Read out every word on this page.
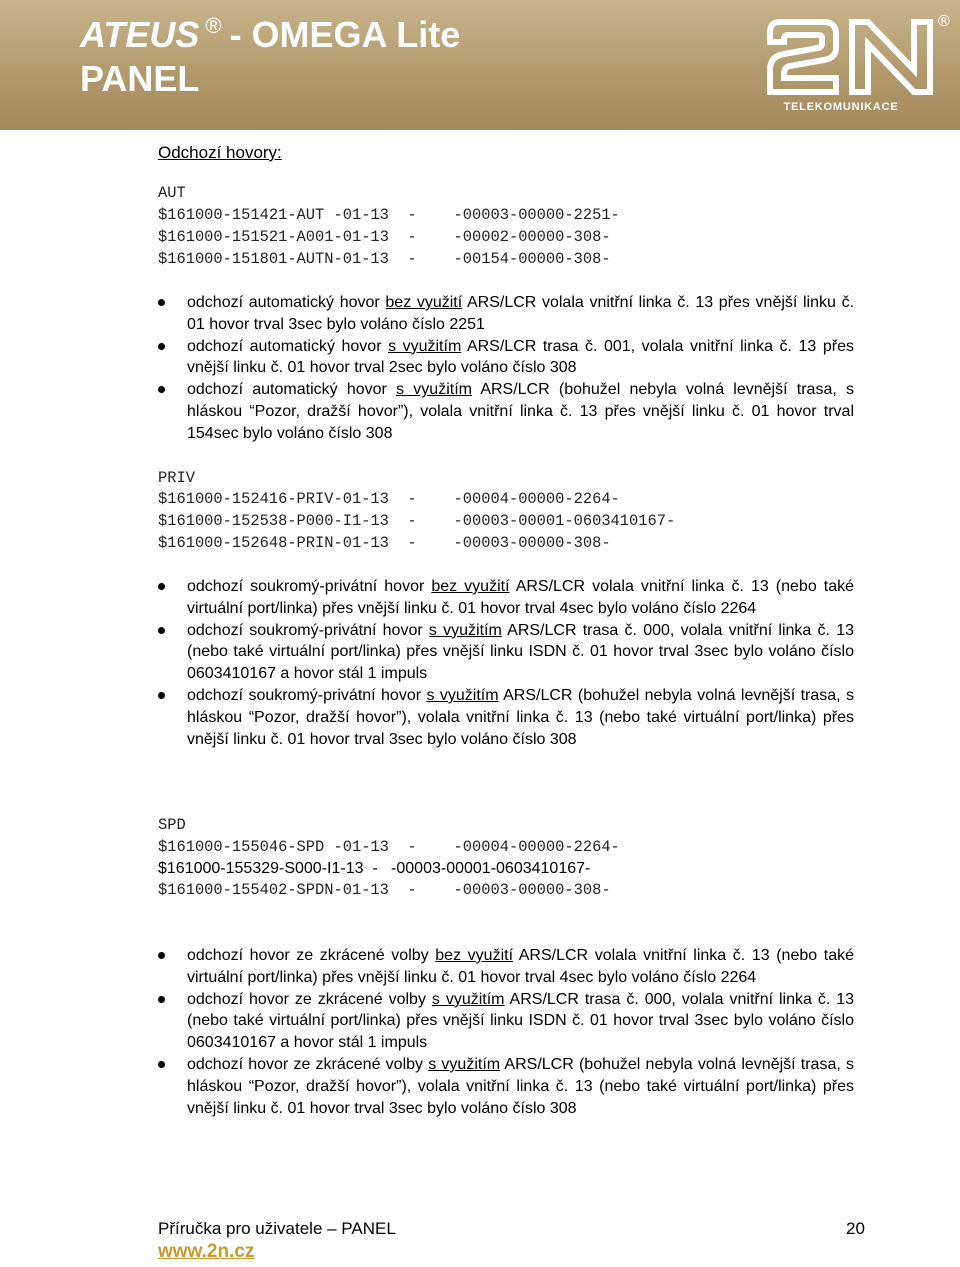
ATEUS ® - OMEGA Lite
PANEL
®
TELEKOMUNIKACE
Odchozí hovory:
AUT
$161000-151421-AUT -01-13  -    -00003-00000-2251-
$161000-151521-A001-01-13  -    -00002-00000-308-
$161000-151801-AUTN-01-13  -    -00154-00000-308-
odchozí automatický hovor bez využití ARS/LCR volala vnitřní linka č. 13 přes vnější linku č. 01 hovor trval 3sec bylo voláno číslo 2251
odchozí automatický hovor s využitím ARS/LCR trasa č. 001, volala vnitřní linka č. 13 přes vnější linku č. 01 hovor trval 2sec bylo voláno číslo 308
odchozí automatický hovor s využitím ARS/LCR (bohužel nebyla volná levnější trasa, s hláskou “Pozor, dražší hovor”), volala vnitřní linka č. 13 přes vnější linku č. 01 hovor trval 154sec bylo voláno číslo 308
PRIV
$161000-152416-PRIV-01-13  -    -00004-00000-2264-
$161000-152538-P000-I1-13  -    -00003-00001-0603410167-
$161000-152648-PRIN-01-13  -    -00003-00000-308-
odchozí soukromý-privátní hovor bez využití ARS/LCR volala vnitřní linka č. 13 (nebo také virtuální port/linka) přes vnější linku č. 01 hovor trval 4sec bylo voláno číslo 2264
odchozí soukromý-privátní hovor s využitím ARS/LCR trasa č. 000, volala vnitřní linka č. 13 (nebo také virtuální port/linka) přes vnější linku ISDN č. 01 hovor trval 3sec bylo voláno číslo 0603410167 a hovor stál 1 impuls
odchozí soukromý-privátní hovor s využitím ARS/LCR (bohužel nebyla volná levnější trasa, s hláskou “Pozor, dražší hovor”), volala vnitřní linka č. 13 (nebo také virtuální port/linka) přes vnější linku č. 01 hovor trval 3sec bylo voláno číslo 308
SPD
$161000-155046-SPD -01-13  -    -00004-00000-2264-
$161000-155329-S000-I1-13  -   -00003-00001-0603410167-
$161000-155402-SPDN-01-13  -    -00003-00000-308-
odchozí hovor ze zkrácené volby bez využití ARS/LCR volala vnitřní linka č. 13 (nebo také virtuální port/linka) přes vnější linku č. 01 hovor trval 4sec bylo voláno číslo 2264
odchozí hovor ze zkrácené volby s využitím ARS/LCR trasa č. 000, volala vnitřní linka č. 13 (nebo také virtuální port/linka) přes vnější linku ISDN č. 01 hovor trval 3sec bylo voláno číslo 0603410167 a hovor stál 1 impuls
odchozí hovor ze zkrácené volby s využitím ARS/LCR (bohužel nebyla volná levnější trasa, s hláskou “Pozor, dražší hovor”), volala vnitřní linka č. 13 (nebo také virtuální port/linka) přes vnější linku č. 01 hovor trval 3sec bylo voláno číslo 308
Příručka pro uživatele – PANEL	20
www.2n.cz
